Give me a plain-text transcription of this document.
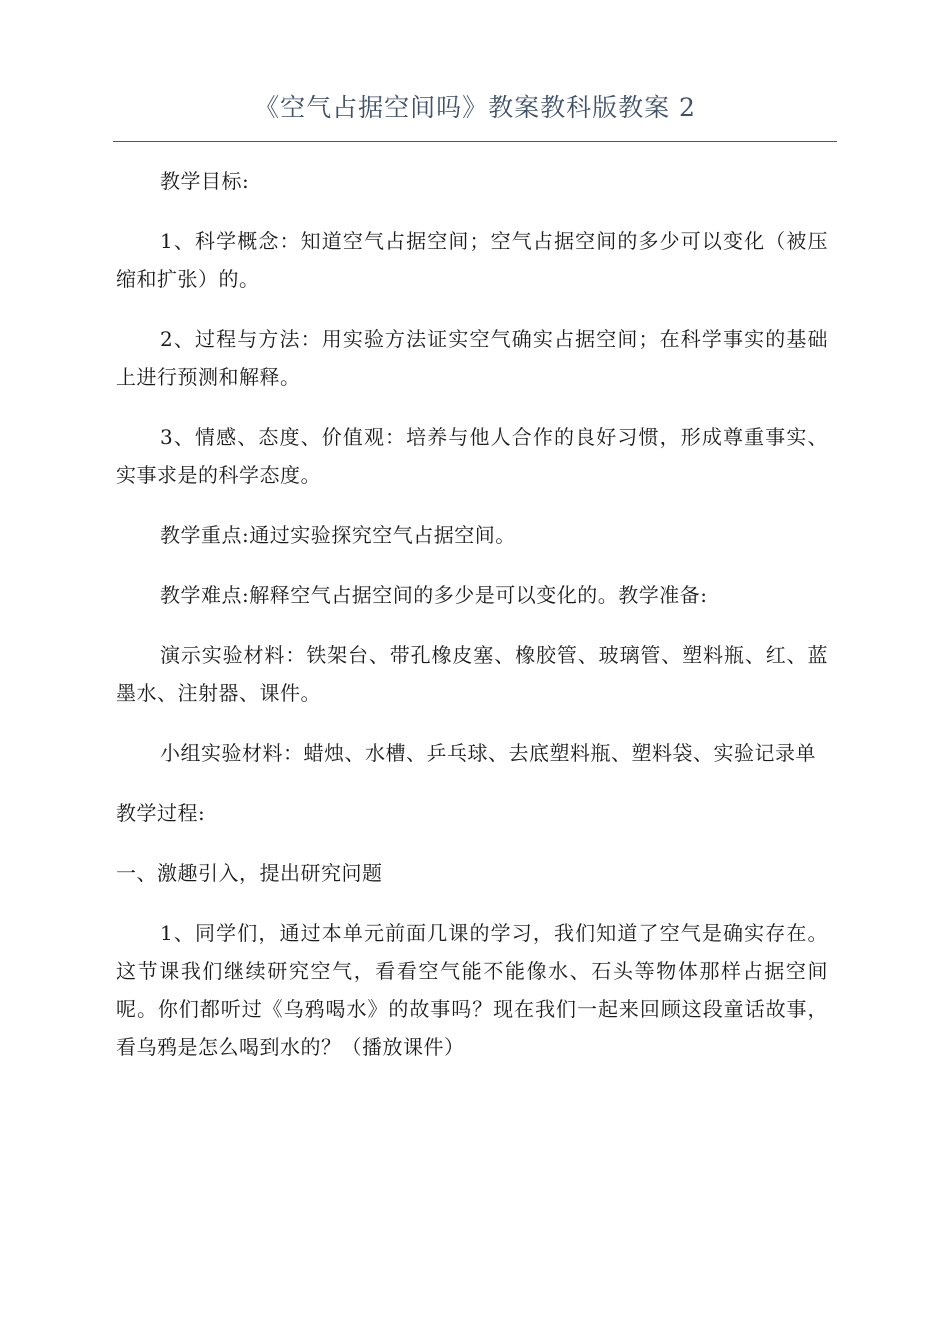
《空气占据空间吗》教案教科版教案 2

教学目标:

1、科学概念：知道空气占据空间；空气占据空间的多少可以变化（被压缩和扩张）的。

2、过程与方法：用实验方法证实空气确实占据空间；在科学事实的基础上进行预测和解释。

3、情感、态度、价值观：培养与他人合作的良好习惯，形成尊重事实、实事求是的科学态度。

教学重点:通过实验探究空气占据空间。

教学难点:解释空气占据空间的多少是可以变化的。教学准备:

演示实验材料：铁架台、带孔橡皮塞、橡胶管、玻璃管、塑料瓶、红、蓝墨水、注射器、课件。

小组实验材料：蜡烛、水槽、乒乓球、去底塑料瓶、塑料袋、实验记录单

教学过程:

一、激趣引入，提出研究问题

1、同学们，通过本单元前面几课的学习，我们知道了空气是确实存在。这节课我们继续研究空气，看看空气能不能像水、石头等物体那样占据空间呢。你们都听过《乌鸦喝水》的故事吗？现在我们一起来回顾这段童话故事，看乌鸦是怎么喝到水的？（播放课件）
